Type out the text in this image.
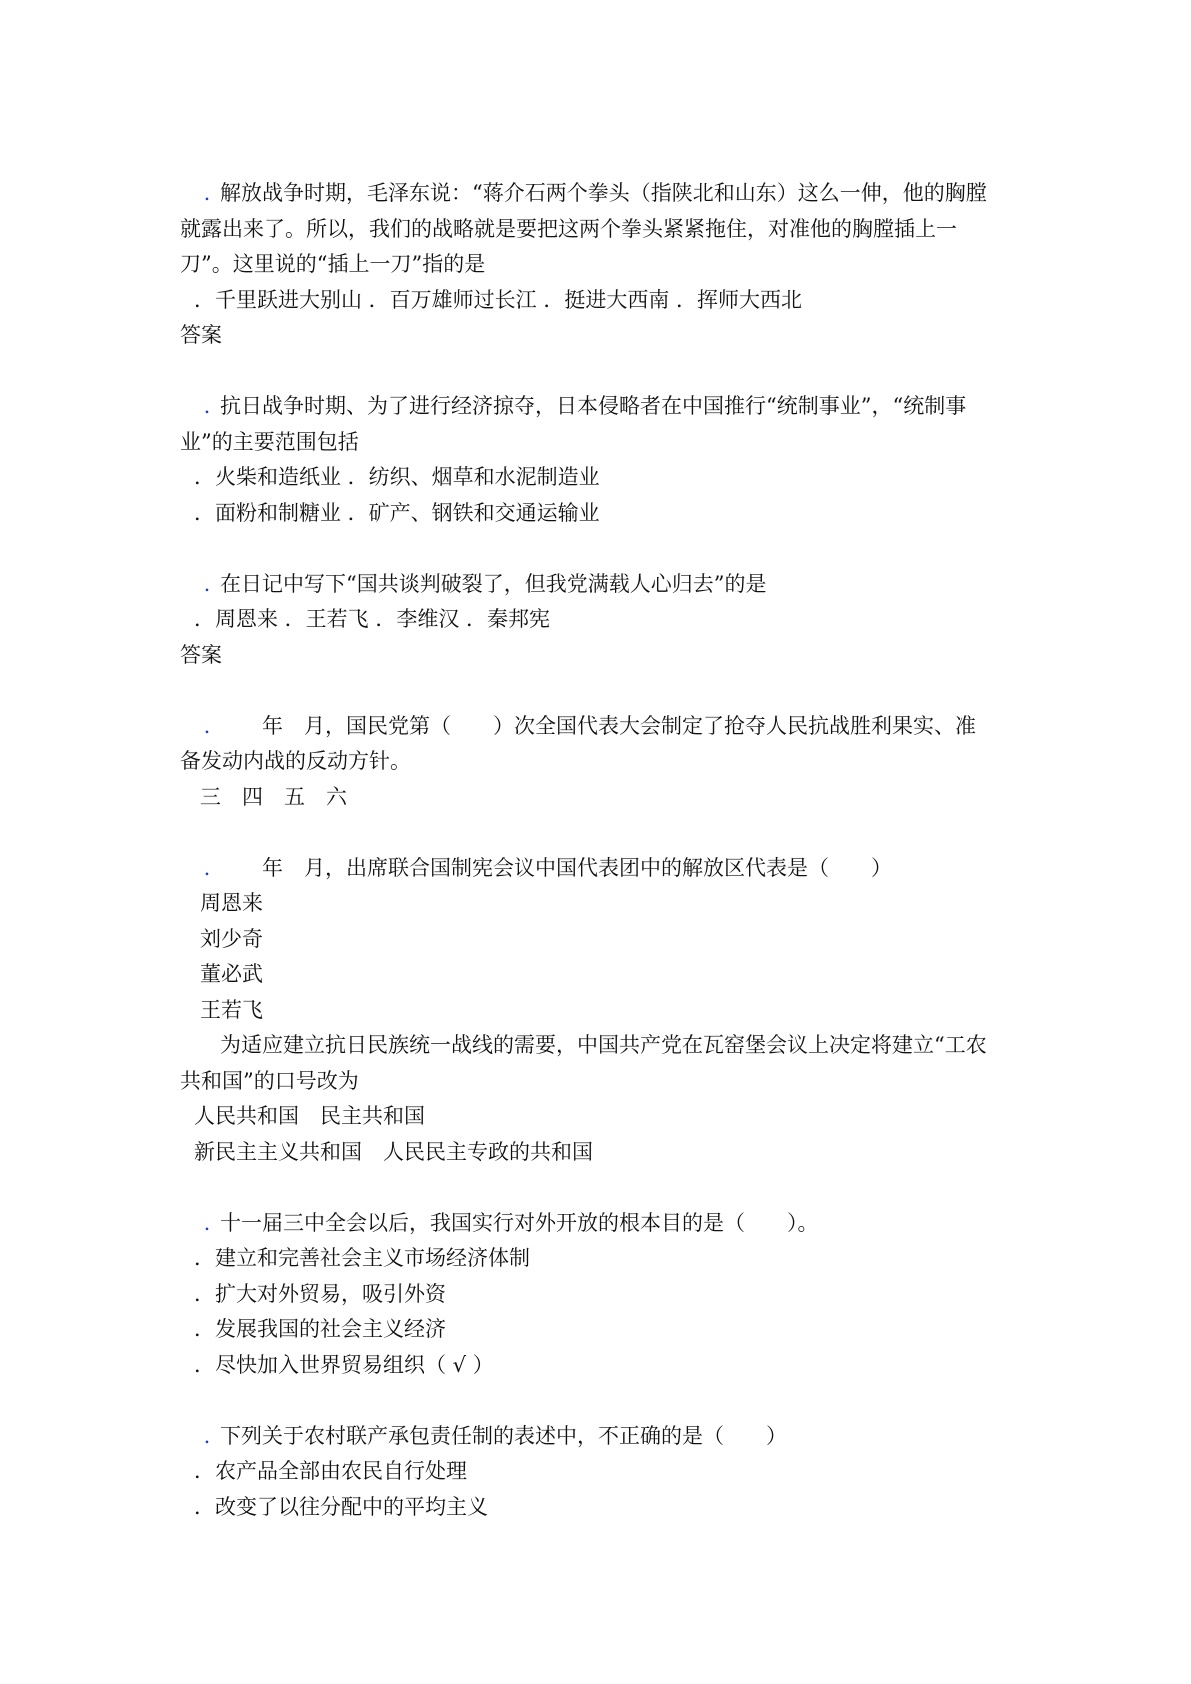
. 解放战争时期，毛泽东说：“蒋介石两个拳头（指陕北和山东）这么一伸，他的胸膛
就露出来了。所以，我们的战略就是要把这两个拳头紧紧拖住，对准他的胸膛插上一
刀”。这里说的“插上一刀”指的是
．千里跃进大别山 ．百万雄师过长江 ．挺进大西南 ．挥师大西北
答案
. 抗日战争时期、为了进行经济掠夺，日本侵略者在中国推行“统制事业”，“统制事
业”的主要范围包括
．火柴和造纸业 ．纺织、烟草和水泥制造业
．面粉和制糖业 ．矿产、钢铁和交通运输业
. 在日记中写下“国共谈判破裂了，但我党满载人心归去”的是
．周恩来 ．王若飞 ．李维汉 ．秦邦宪
答案
.　　年　月，国民党第（　　）次全国代表大会制定了抢夺人民抗战胜利果实、准
备发动内战的反动方针。
三　四　五　六
.　　年　月，出席联合国制宪会议中国代表团中的解放区代表是（　　）
周恩来
刘少奇
董必武
王若飞
为适应建立抗日民族统一战线的需要，中国共产党在瓦窑堡会议上决定将建立“工农
共和国”的口号改为
人民共和国　民主共和国
新民主主义共和国　人民民主专政的共和国
. 十一届三中全会以后，我国实行对外开放的根本目的是（　　）。
．建立和完善社会主义市场经济体制
．扩大对外贸易，吸引外资
．发展我国的社会主义经济
．尽快加入世界贸易组织（ √ ）
. 下列关于农村联产承包责任制的表述中，不正确的是（　　）
．农产品全部由农民自行处理
．改变了以往分配中的平均主义
